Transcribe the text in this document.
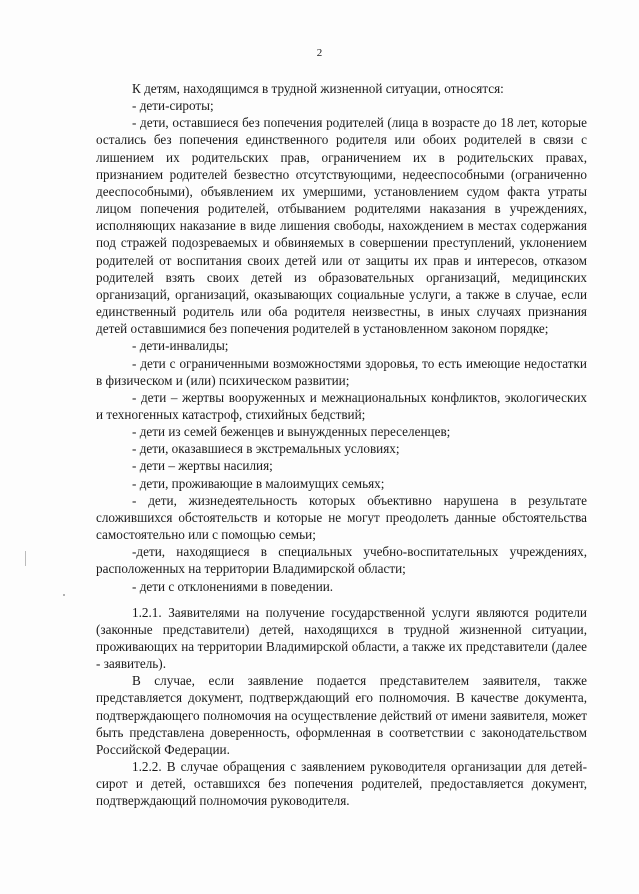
2

К детям, находящимся в трудной жизненной ситуации, относятся:

- дети-сироты;

- дети, оставшиеся без попечения родителей (лица в возрасте до 18 лет, которые остались без попечения единственного родителя или обоих родителей в связи с лишением их родительских прав, ограничением их в родительских правах, признанием родителей безвестно отсутствующими, недееспособными (ограниченно дееспособными), объявлением их умершими, установлением судом факта утраты лицом попечения родителей, отбыванием родителями наказания в учреждениях, исполняющих наказание в виде лишения свободы, нахождением в местах содержания под стражей подозреваемых и обвиняемых в совершении преступлений, уклонением родителей от воспитания своих детей или от защиты их прав и интересов, отказом родителей взять своих детей из образовательных организаций, медицинских организаций, организаций, оказывающих социальные услуги, а также в случае, если единственный родитель или оба родителя неизвестны, в иных случаях признания детей оставшимися без попечения родителей в установленном законом порядке;

- дети-инвалиды;

- дети с ограниченными возможностями здоровья, то есть имеющие недостатки в физическом и (или) психическом развитии;

- дети – жертвы вооруженных и межнациональных конфликтов, экологических и техногенных катастроф, стихийных бедствий;

- дети из семей беженцев и вынужденных переселенцев;

- дети, оказавшиеся в экстремальных условиях;

- дети – жертвы насилия;

- дети, проживающие в малоимущих семьях;

- дети, жизнедеятельность которых объективно нарушена в результате сложившихся обстоятельств и которые не могут преодолеть данные обстоятельства самостоятельно или с помощью семьи;

-дети, находящиеся в специальных учебно-воспитательных учреждениях, расположенных на территории Владимирской области;

- дети с отклонениями в поведении.

1.2.1. Заявителями на получение государственной услуги являются родители (законные представители) детей, находящихся в трудной жизненной ситуации, проживающих на территории Владимирской области, а также их представители (далее - заявитель).

В случае, если заявление подается представителем заявителя, также представляется документ, подтверждающий его полномочия. В качестве документа, подтверждающего полномочия на осуществление действий от имени заявителя, может быть представлена доверенность, оформленная в соответствии с законодательством Российской Федерации.

1.2.2. В случае обращения с заявлением руководителя организации для детей-сирот и детей, оставшихся без попечения родителей, предоставляется документ, подтверждающий полномочия руководителя.
